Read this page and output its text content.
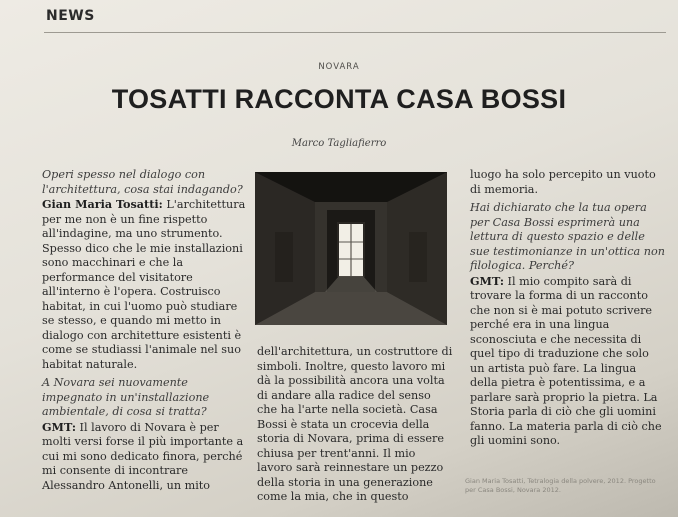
NEWS
NOVARA
TOSATTI RACCONTA CASA BOSSI
Marco Tagliafierro

Operi spesso nel dialogo con l'architettura, cosa stai indagando?

Gian Maria Tosatti: L'architettura per me non è un fine rispetto all'indagine, ma uno strumento. Spesso dico che le mie installazioni sono macchinari e che la performance del visitatore all'interno è l'opera. Costruisco habitat, in cui l'uomo può studiare se stesso, e quando mi metto in dialogo con architetture esistenti è come se studiassi l'animale nel suo habitat naturale.

A Novara sei nuovamente impegnato in un'installazione ambientale, di cosa si tratta?

GMT: Il lavoro di Novara è per molti versi forse il più importante a cui mi sono dedicato finora, perché mi consente di incontrare Alessandro Antonelli, un mito

dell'architettura, un costruttore di simboli. Inoltre, questo lavoro mi dà la possibilità ancora una volta di andare alla radice del senso che ha l'arte nella società. Casa Bossi è stata un crocevia della storia di Novara, prima di essere chiusa per trent'anni. Il mio lavoro sarà reinnestare un pezzo della storia in una generazione come la mia, che in questo

luogo ha solo percepito un vuoto di memoria.

Hai dichiarato che la tua opera per Casa Bossi esprimerà una lettura di questo spazio e delle sue testimonianze in un'ottica non filologica. Perché?

GMT: Il mio compito sarà di trovare la forma di un racconto che non si è mai potuto scrivere perché era in una lingua sconosciuta e che necessita di quel tipo di traduzione che solo un artista può fare. La lingua della pietra è potentissima, e a parlare sarà proprio la pietra. La Storia parla di ciò che gli uomini fanno. La materia parla di ciò che gli uomini sono.

Gian Maria Tosatti, Tetralogia della polvere, 2012. Progetto per Casa Bossi, Novara 2012.
